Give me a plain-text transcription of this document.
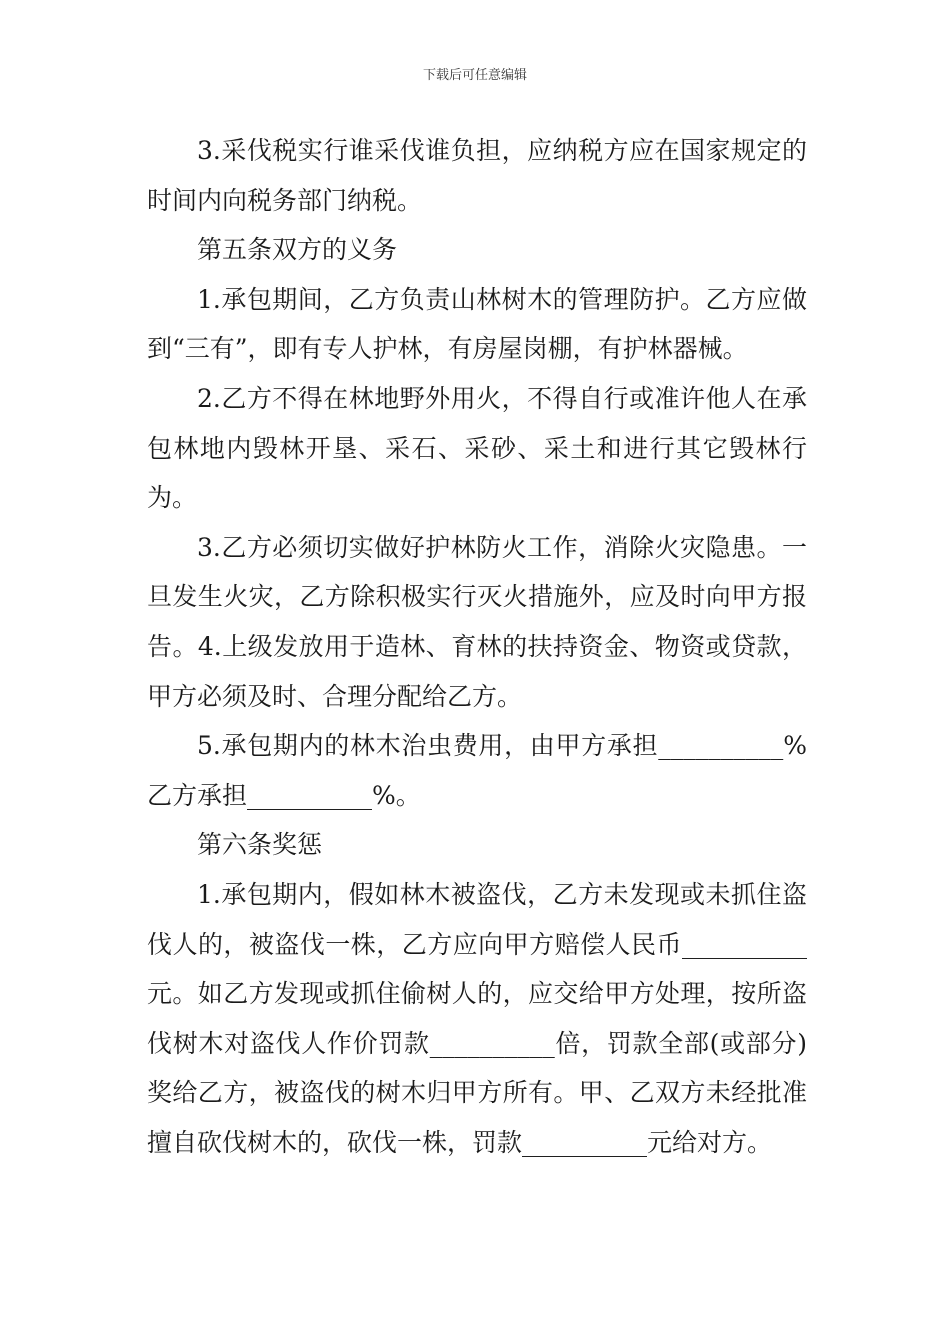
下载后可任意编辑

3.采伐税实行谁采伐谁负担，应纳税方应在国家规定的时间内向税务部门纳税。

第五条双方的义务

1.承包期间，乙方负责山林树木的管理防护。乙方应做到“三有”，即有专人护林，有房屋岗棚，有护林器械。

2.乙方不得在林地野外用火，不得自行或准许他人在承包林地内毁林开垦、采石、采砂、采土和进行其它毁林行为。

3.乙方必须切实做好护林防火工作，消除火灾隐患。一旦发生火灾，乙方除积极实行灭火措施外，应及时向甲方报告。4.上级发放用于造林、育林的扶持资金、物资或贷款，甲方必须及时、合理分配给乙方。

5.承包期内的林木治虫费用，由甲方承担__________%乙方承担__________%。

第六条奖惩

1.承包期内，假如林木被盗伐，乙方未发现或未抓住盗伐人的，被盗伐一株，乙方应向甲方赔偿人民币__________元。如乙方发现或抓住偷树人的，应交给甲方处理，按所盗伐树木对盗伐人作价罚款__________倍，罚款全部(或部分)奖给乙方，被盗伐的树木归甲方所有。甲、乙双方未经批准擅自砍伐树木的，砍伐一株，罚款__________元给对方。
